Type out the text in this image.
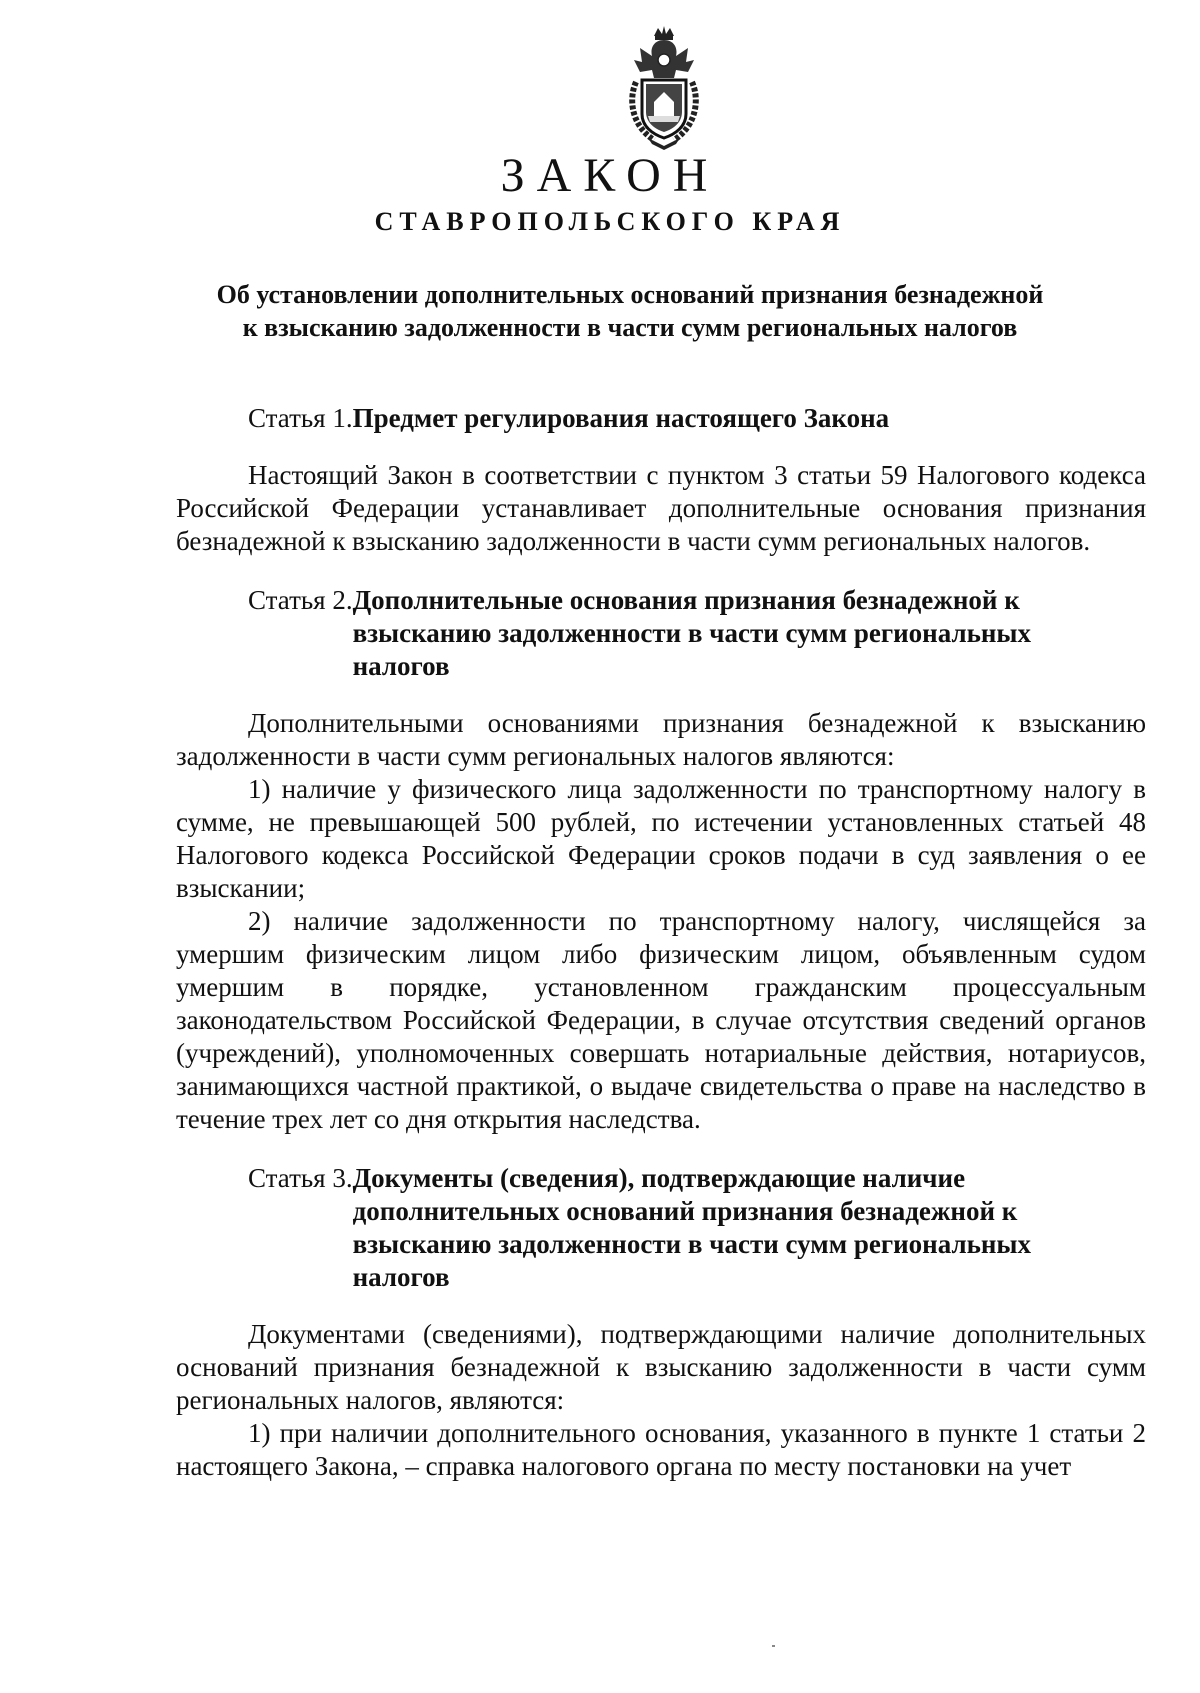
ЗАКОН
СТАВРОПОЛЬСКОГО КРАЯ
Об установлении дополнительных оснований признания безнадежной
к взысканию задолженности в части сумм региональных налогов
Статья 1. Предмет регулирования настоящего Закона

Настоящий Закон в соответствии с пунктом 3 статьи 59 Налогового кодекса Российской Федерации устанавливает дополнительные основания признания безнадежной к взысканию задолженности в части сумм региональных налогов.

Статья 2. Дополнительные основания признания безнадежной к взысканию задолженности в части сумм региональных налогов

Дополнительными основаниями признания безнадежной к взысканию задолженности в части сумм региональных налогов являются:

1) наличие у физического лица задолженности по транспортному налогу в сумме, не превышающей 500 рублей, по истечении установленных статьей 48 Налогового кодекса Российской Федерации сроков подачи в суд заявления о ее взыскании;

2) наличие задолженности по транспортному налогу, числящейся за умершим физическим лицом либо физическим лицом, объявленным судом умершим в порядке, установленном гражданским процессуальным законодательством Российской Федерации, в случае отсутствия сведений органов (учреждений), уполномоченных совершать нотариальные действия, нотариусов, занимающихся частной практикой, о выдаче свидетельства о праве на наследство в течение трех лет со дня открытия наследства.

Статья 3. Документы (сведения), подтверждающие наличие дополнительных оснований признания безнадежной к взысканию задолженности в части сумм региональных налогов

Документами (сведениями), подтверждающими наличие дополнительных оснований признания безнадежной к взысканию задолженности в части сумм региональных налогов, являются:

1) при наличии дополнительного основания, указанного в пункте 1 статьи 2 настоящего Закона, – справка налогового органа по месту постановки на учет
